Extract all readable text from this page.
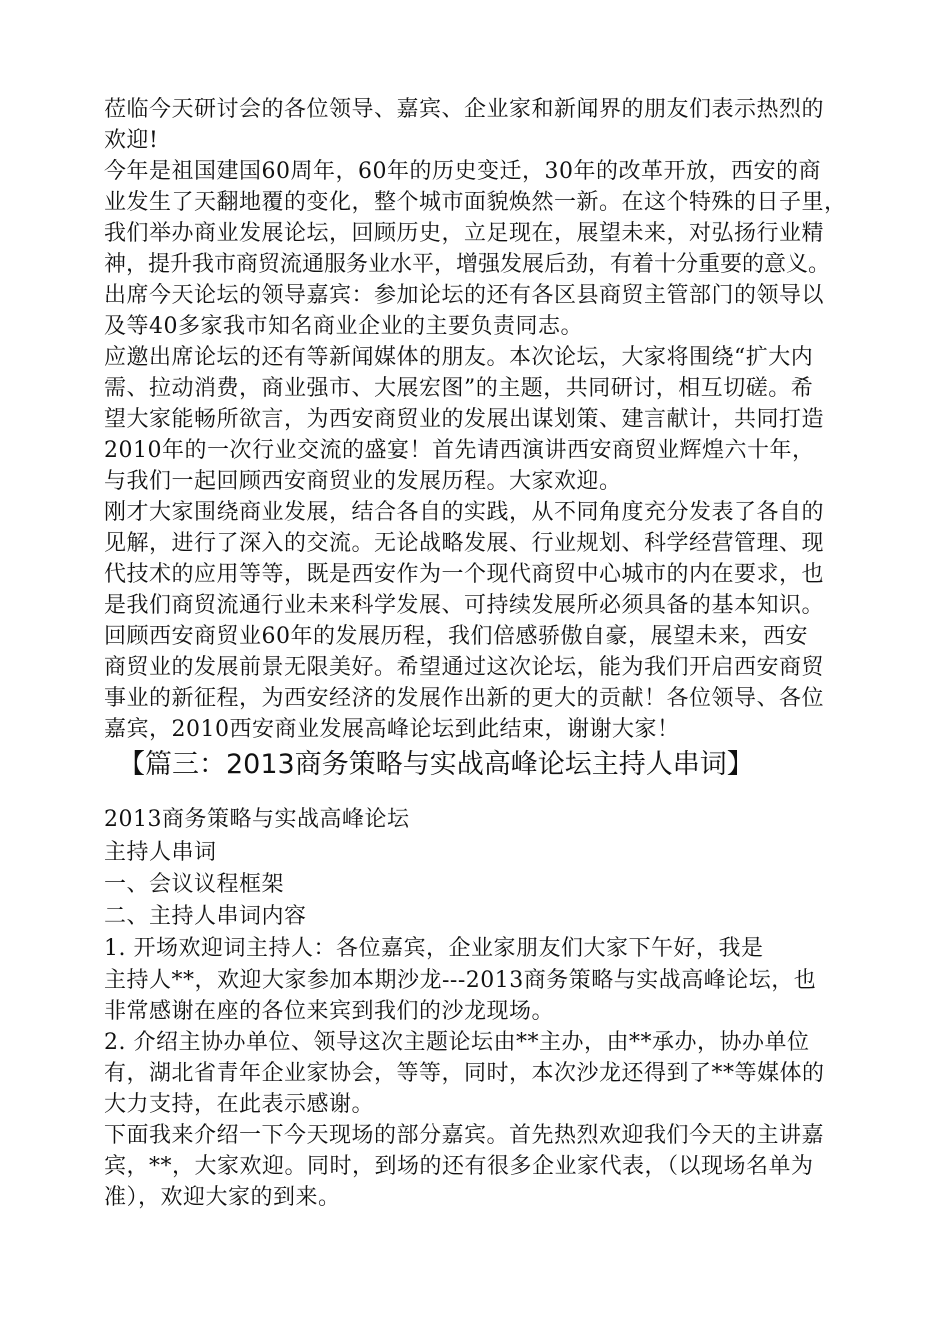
莅临今天研讨会的各位领导、嘉宾、企业家和新闻界的朋友们表示热烈的
欢迎!
今年是祖国建国60周年，60年的历史变迁，30年的改革开放，西安的商
业发生了天翻地覆的变化，整个城市面貌焕然一新。在这个特殊的日子里，
我们举办商业发展论坛，回顾历史，立足现在，展望未来，对弘扬行业精
神，提升我市商贸流通服务业水平，增强发展后劲，有着十分重要的意义。
出席今天论坛的领导嘉宾：参加论坛的还有各区县商贸主管部门的领导以
及等40多家我市知名商业企业的主要负责同志。
应邀出席论坛的还有等新闻媒体的朋友。本次论坛，大家将围绕“扩大内
需、拉动消费，商业强市、大展宏图”的主题，共同研讨，相互切磋。希
望大家能畅所欲言，为西安商贸业的发展出谋划策、建言献计，共同打造
2010年的一次行业交流的盛宴！首先请西演讲西安商贸业辉煌六十年，
与我们一起回顾西安商贸业的发展历程。大家欢迎。
刚才大家围绕商业发展，结合各自的实践，从不同角度充分发表了各自的
见解，进行了深入的交流。无论战略发展、行业规划、科学经营管理、现
代技术的应用等等，既是西安作为一个现代商贸中心城市的内在要求，也
是我们商贸流通行业未来科学发展、可持续发展所必须具备的基本知识。
回顾西安商贸业60年的发展历程，我们倍感骄傲自豪，展望未来，西安
商贸业的发展前景无限美好。希望通过这次论坛，能为我们开启西安商贸
事业的新征程，为西安经济的发展作出新的更大的贡献！各位领导、各位
嘉宾，2010西安商业发展高峰论坛到此结束，谢谢大家！
【篇三：2013商务策略与实战高峰论坛主持人串词】
2013商务策略与实战高峰论坛
主持人串词
一、会议议程框架
二、主持人串词内容
1. 开场欢迎词主持人：各位嘉宾，企业家朋友们大家下午好，我是
主持人**，欢迎大家参加本期沙龙---2013商务策略与实战高峰论坛，也
非常感谢在座的各位来宾到我们的沙龙现场。
2. 介绍主协办单位、领导这次主题论坛由**主办，由**承办，协办单位
有，湖北省青年企业家协会，等等，同时，本次沙龙还得到了**等媒体的
大力支持，在此表示感谢。
下面我来介绍一下今天现场的部分嘉宾。首先热烈欢迎我们今天的主讲嘉
宾，**，大家欢迎。同时，到场的还有很多企业家代表，（以现场名单为
准），欢迎大家的到来。
